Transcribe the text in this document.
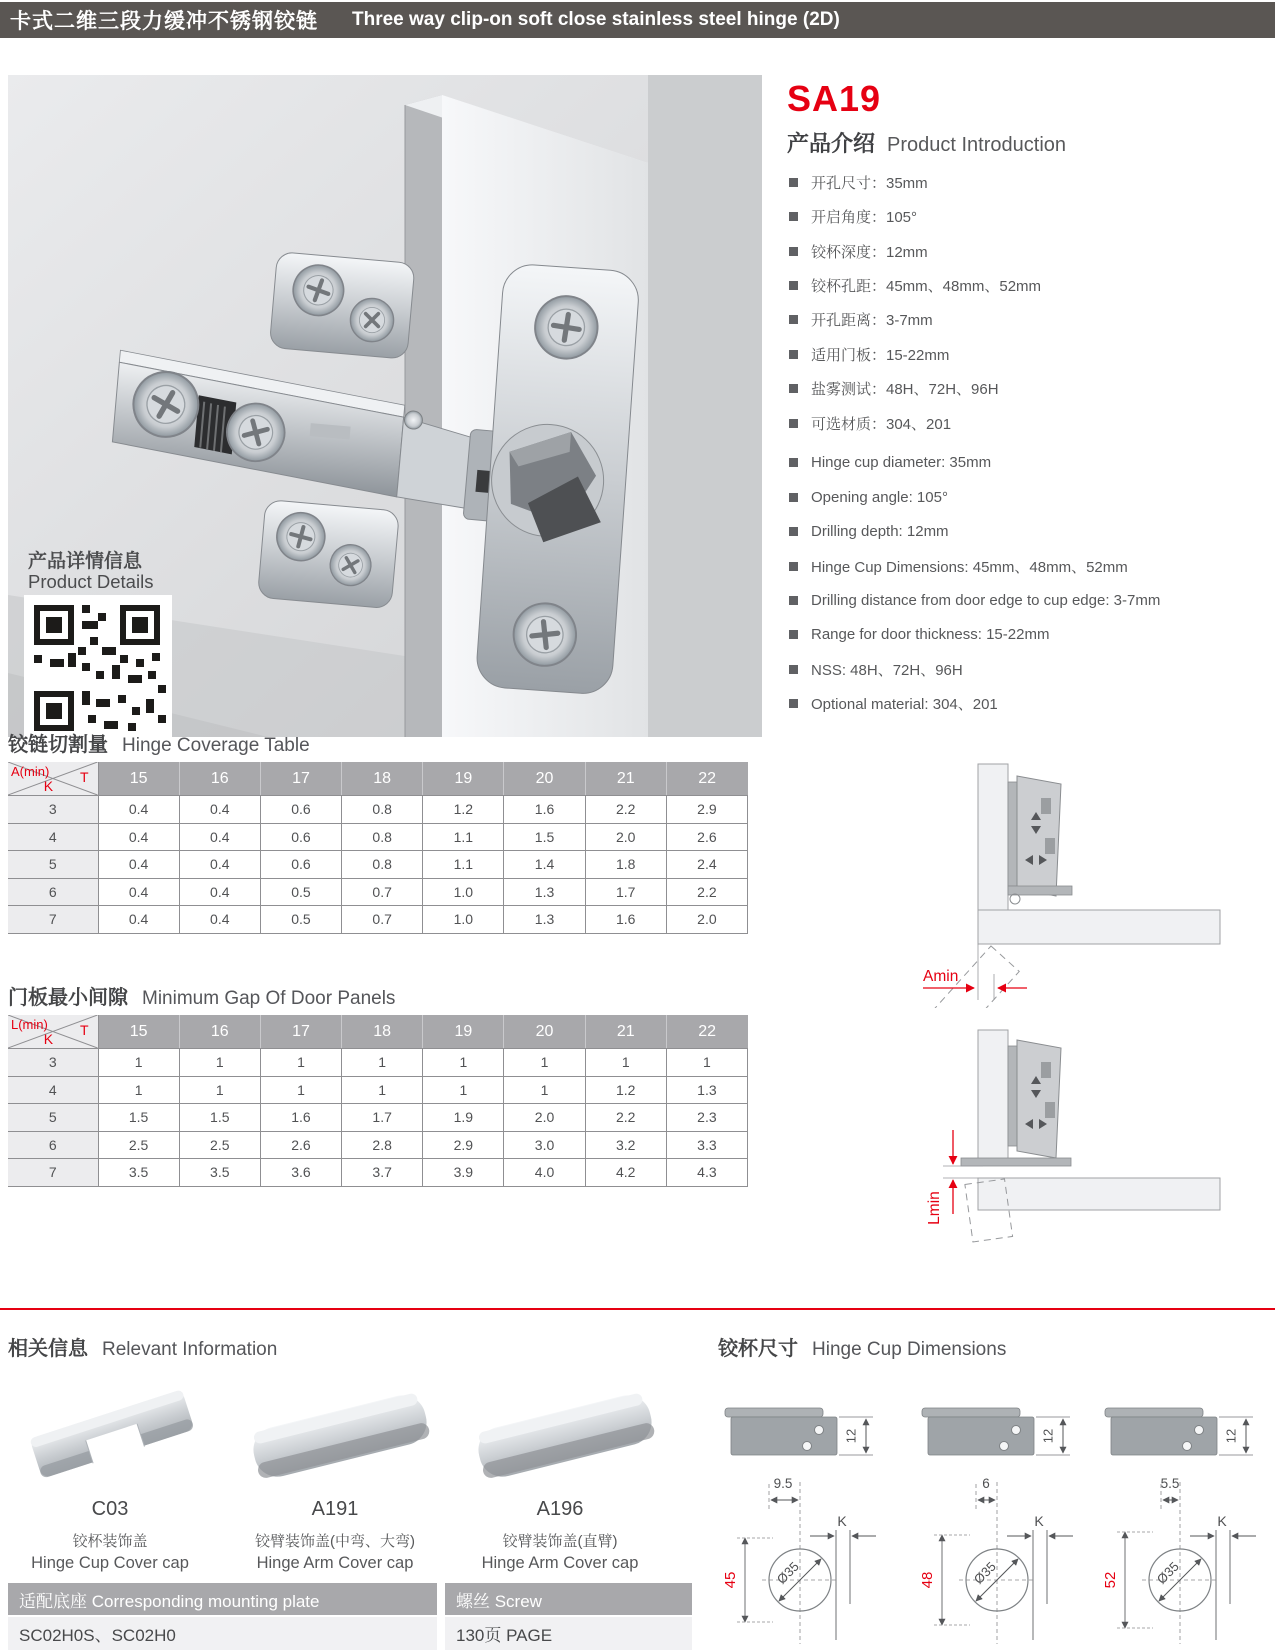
卡式二维三段力缓冲不锈钢铰链 Three way clip-on soft close stainless steel hinge (2D)
产品详情信息
Product Details
SA19
产品介绍 Product Introduction
开孔尺寸：35mm
开启角度：105°
铰杯深度：12mm
铰杯孔距：45mm、48mm、52mm
开孔距离：3-7mm
适用门板：15-22mm
盐雾测试：48H、72H、96H
可选材质：304、201
Hinge cup diameter: 35mm
Opening angle: 105°
Drilling depth: 12mm
Hinge Cup Dimensions: 45mm、48mm、52mm
Drilling distance from door edge to cup edge: 3-7mm
Range for door thickness: 15-22mm
NSS: 48H、72H、96H
Optional material: 304、201
铰链切割量 Hinge Coverage Table
A(min) T
K	15	16	17	18	19	20	21	22
3	0.4	0.4	0.6	0.8	1.2	1.6	2.2	2.9
4	0.4	0.4	0.6	0.8	1.1	1.5	2.0	2.6
5	0.4	0.4	0.6	0.8	1.1	1.4	1.8	2.4
6	0.4	0.4	0.5	0.7	1.0	1.3	1.7	2.2
7	0.4	0.4	0.5	0.7	1.0	1.3	1.6	2.0
门板最小间隙 Minimum Gap Of Door Panels
L(min) T
K	15	16	17	18	19	20	21	22
3	1	1	1	1	1	1	1	1
4	1	1	1	1	1	1	1.2	1.3
5	1.5	1.5	1.6	1.7	1.9	2.0	2.2	2.3
6	2.5	2.5	2.6	2.8	2.9	3.0	3.2	3.3
7	3.5	3.5	3.6	3.7	3.9	4.0	4.2	4.3
Amin
Lmin
相关信息 Relevant Information
C03
铰杯装饰盖
Hinge Cup Cover cap
A191
铰臂装饰盖(中弯、大弯)
Hinge Arm Cover cap
A196
铰臂装饰盖(直臂)
Hinge Arm Cover cap
铰杯尺寸 Hinge Cup Dimensions
12
9.5
K
Ø35
45
12
6
K
Ø35
48
12
5.5
K
Ø35
52
适配底座 Corresponding mounting plate	螺丝 Screw
SC02H0S、SC02H0	130页 PAGE
